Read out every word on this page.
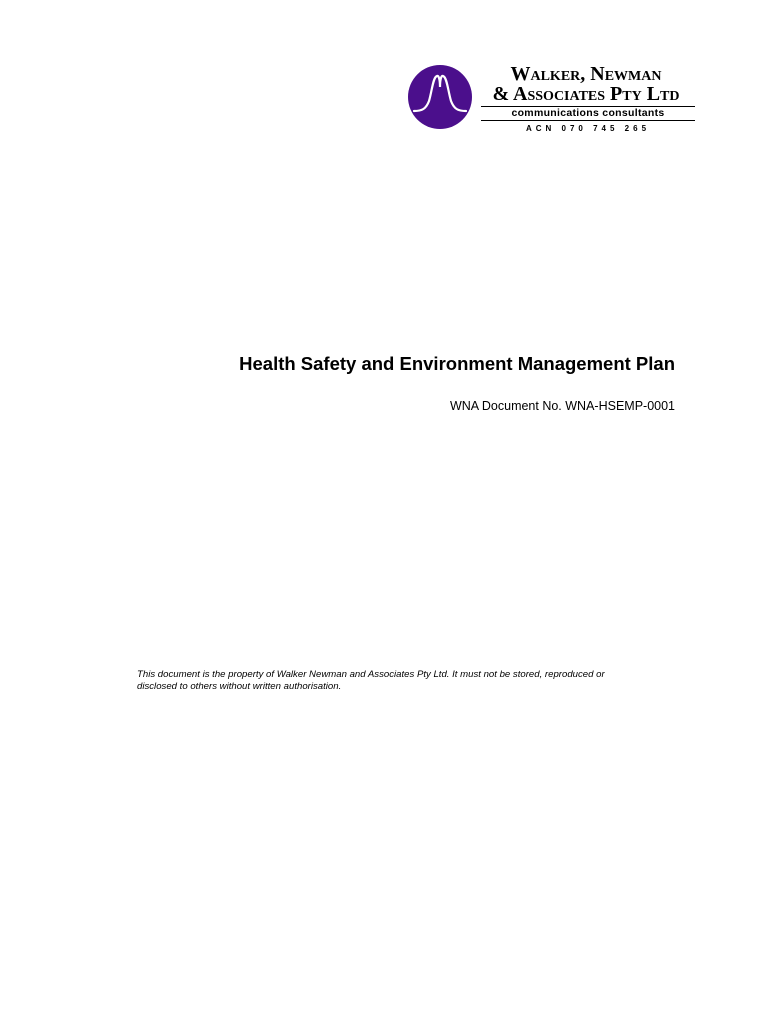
Walker, Newman
& Associates Pty Ltd
communications consultants
ACN 070 745 265
Health Safety and Environment Management Plan
WNA Document No. WNA-HSEMP-0001
This document is the property of Walker Newman and Associates Pty Ltd. It must not be stored, reproduced or
disclosed to others without written authorisation.
